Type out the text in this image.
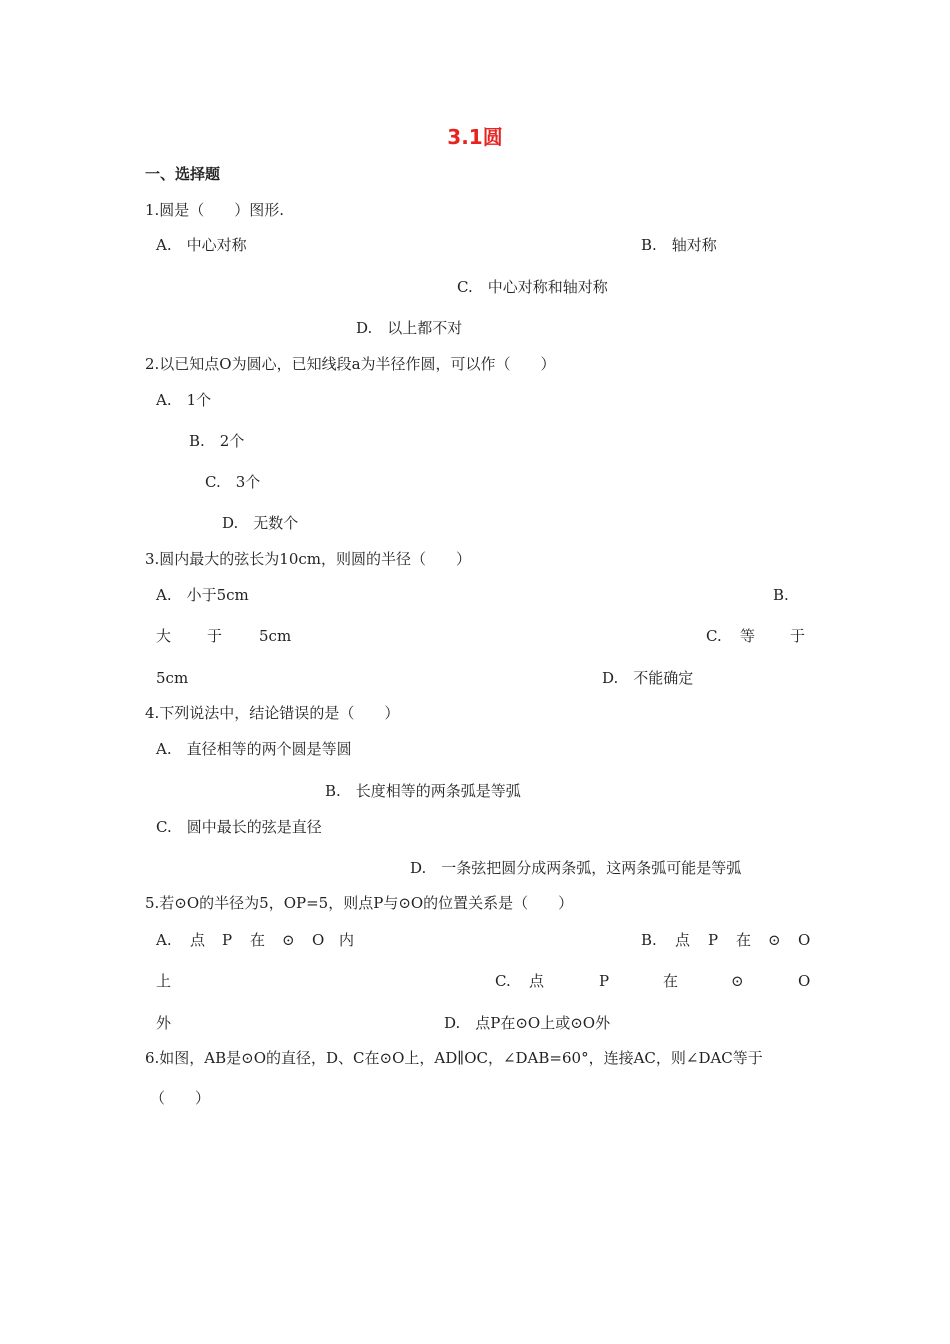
3.1圆
一、选择题
1.圆是（　　）图形.
A.　中心对称	B.　轴对称
C.　中心对称和轴对称
D.　以上都不对
2.以已知点O为圆心，已知线段a为半径作圆，可以作（　　）
A.　1个
B.　2个
C.　3个
D.　无数个
3.圆内最大的弦长为10cm，则圆的半径（　　）
A.　小于5cm	B.
大 于 5cm	C. 等 于
5cm	D.　不能确定
4.下列说法中，结论错误的是（　　）
A.　直径相等的两个圆是等圆
B.　长度相等的两条弧是等弧
C.　圆中最长的弦是直径
D.　一条弦把圆分成两条弧，这两条弧可能是等弧
5.若⊙O的半径为5，OP=5，则点P与⊙O的位置关系是（　　）
A. 点 P 在 ⊙ O 内	B. 点 P 在 ⊙ O
上	C. 点	P	在	⊙	O
外	D.　点P在⊙O上或⊙O外
6.如图，AB是⊙O的直径，D、C在⊙O上，AD∥OC，∠DAB=60°，连接AC，则∠DAC等于
（　　）
